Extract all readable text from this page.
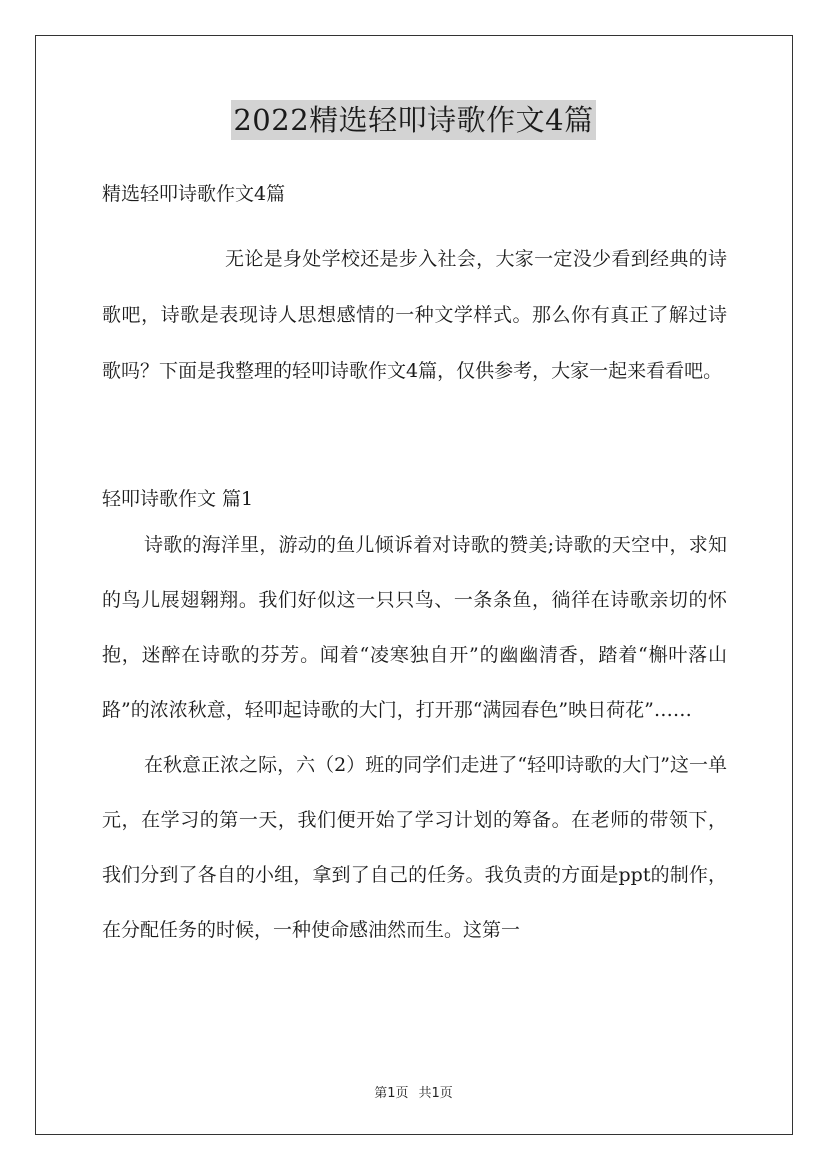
2022精选轻叩诗歌作文4篇

精选轻叩诗歌作文4篇

无论是身处学校还是步入社会，大家一定没少看到经典的诗歌吧，诗歌是表现诗人思想感情的一种文学样式。那么你有真正了解过诗歌吗？下面是我整理的轻叩诗歌作文4篇，仅供参考，大家一起来看看吧。

轻叩诗歌作文 篇1

诗歌的海洋里，游动的鱼儿倾诉着对诗歌的赞美;诗歌的天空中，求知的鸟儿展翅翱翔。我们好似这一只只鸟、一条条鱼，徜徉在诗歌亲切的怀抱，迷醉在诗歌的芬芳。闻着“凌寒独自开”的幽幽清香，踏着“槲叶落山路”的浓浓秋意，轻叩起诗歌的大门，打开那“满园春色”映日荷花”……

在秋意正浓之际，六（2）班的同学们走进了“轻叩诗歌的大门”这一单元，在学习的第一天，我们便开始了学习计划的筹备。在老师的带领下，我们分到了各自的小组，拿到了自己的任务。我负责的方面是ppt的制作，在分配任务的时候，一种使命感油然而生。这第一

第1页 共1页
